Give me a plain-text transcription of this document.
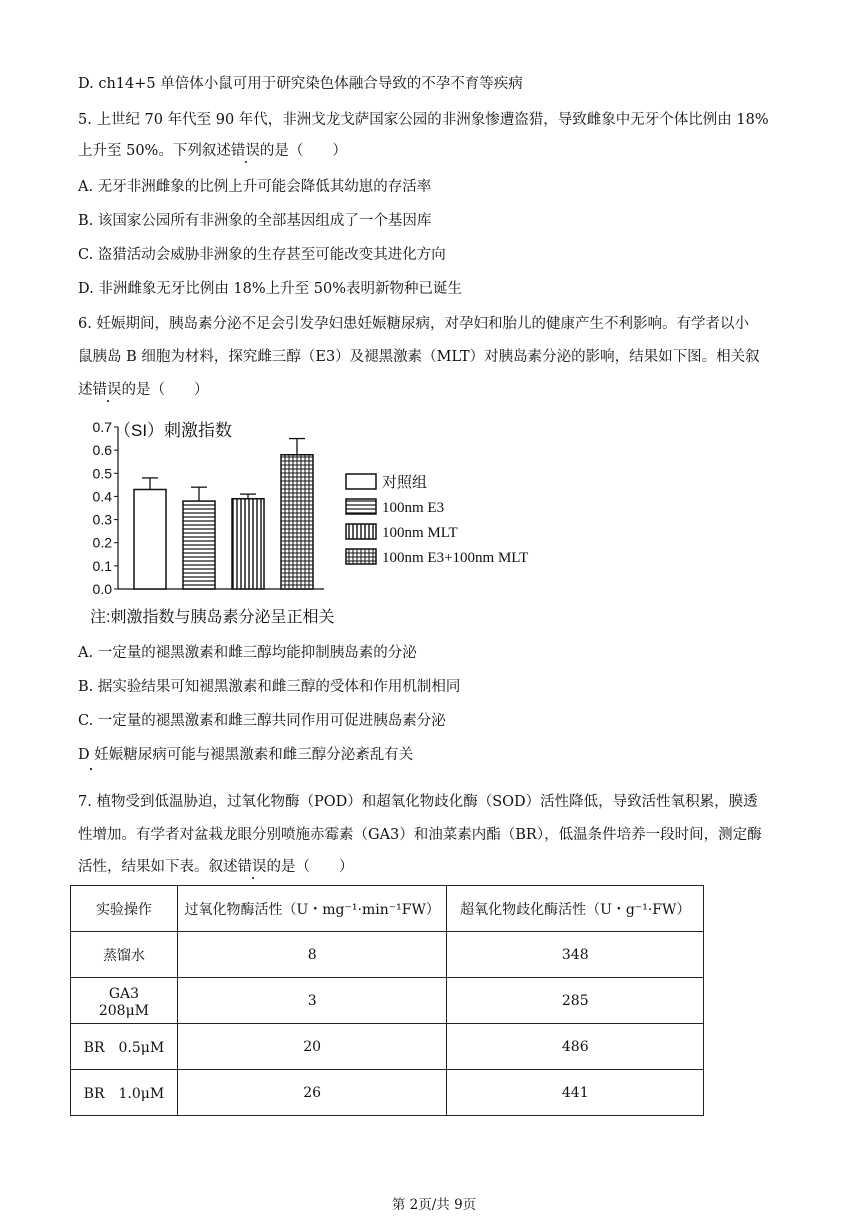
D. ch14+5 单倍体小鼠可用于研究染色体融合导致的不孕不育等疾病
5. 上世纪 70 年代至 90 年代，非洲戈龙戈萨国家公园的非洲象惨遭盗猎，导致雌象中无牙个体比例由 18%
上升至 50%。下列叙述错误的是（　　）
A. 无牙非洲雌象的比例上升可能会降低其幼崽的存活率
B. 该国家公园所有非洲象的全部基因组成了一个基因库
C. 盗猎活动会威胁非洲象的生存甚至可能改变其进化方向
D. 非洲雌象无牙比例由 18%上升至 50%表明新物种已诞生
6. 妊娠期间，胰岛素分泌不足会引发孕妇患妊娠糖尿病，对孕妇和胎儿的健康产生不利影响。有学者以小
鼠胰岛 B 细胞为材料，探究雌三醇（E3）及褪黑激素（MLT）对胰岛素分泌的影响，结果如下图。相关叙
述错误的是（　　）
0.0
0.1
0.2
0.3
0.4
0.5
0.6
0.7 （SI）刺激指数
对照组
100nm E3
100nm MLT
100nm E3+100nm MLT
注:刺激指数与胰岛素分泌呈正相关
A. 一定量的褪黑激素和雌三醇均能抑制胰岛素的分泌
B. 据实验结果可知褪黑激素和雌三醇的受体和作用机制相同
C. 一定量的褪黑激素和雌三醇共同作用可促进胰岛素分泌
D 妊娠糖尿病可能与褪黑激素和雌三醇分泌紊乱有关
7. 植物受到低温胁迫，过氧化物酶（POD）和超氧化物歧化酶（SOD）活性降低，导致活性氧积累，膜透
性增加。有学者对盆栽龙眼分别喷施赤霉素（GA3）和油菜素内酯（BR），低温条件培养一段时间，测定酶
活性，结果如下表。叙述错误的是（　　）
实验操作	过氧化物酶活性（U・mg⁻¹·min⁻¹FW）	超氧化物歧化酶活性（U・g⁻¹·FW）
蒸馏水	8	348
GA3　208μM	3	285
BR　0.5μM	20	486
BR　1.0μM	26	441
第 2页/共 9页
